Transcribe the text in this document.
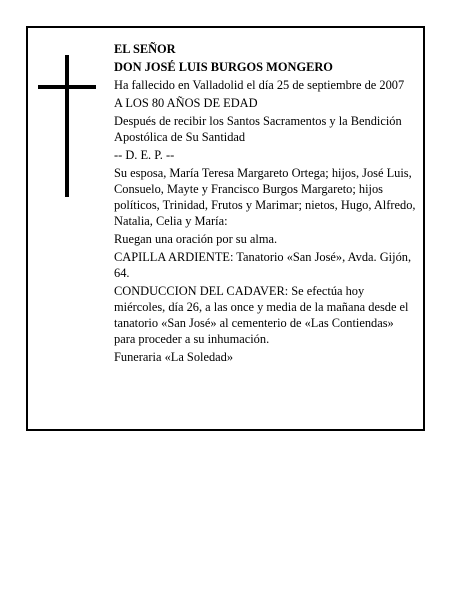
EL SEÑOR

DON JOSÉ LUIS BURGOS MONGERO

Ha fallecido en Valladolid el día 25 de septiembre de 2007

A LOS 80 AÑOS DE EDAD

Después de recibir los Santos Sacramentos y la Bendición Apostólica de Su Santidad

-- D. E. P. --

Su esposa, María Teresa Margareto Ortega; hijos, José Luis, Consuelo, Mayte y Francisco Burgos Margareto; hijos políticos, Trinidad, Frutos y Marimar; nietos, Hugo, Alfredo, Natalia, Celia y María:

Ruegan una oración por su alma.

CAPILLA ARDIENTE: Tanatorio «San José», Avda. Gijón, 64.

CONDUCCION DEL CADAVER: Se efectúa hoy miércoles, día 26, a las once y media de la mañana desde el tanatorio «San José» al cementerio de «Las Contiendas» para proceder a su inhumación.

Funeraria «La Soledad»
